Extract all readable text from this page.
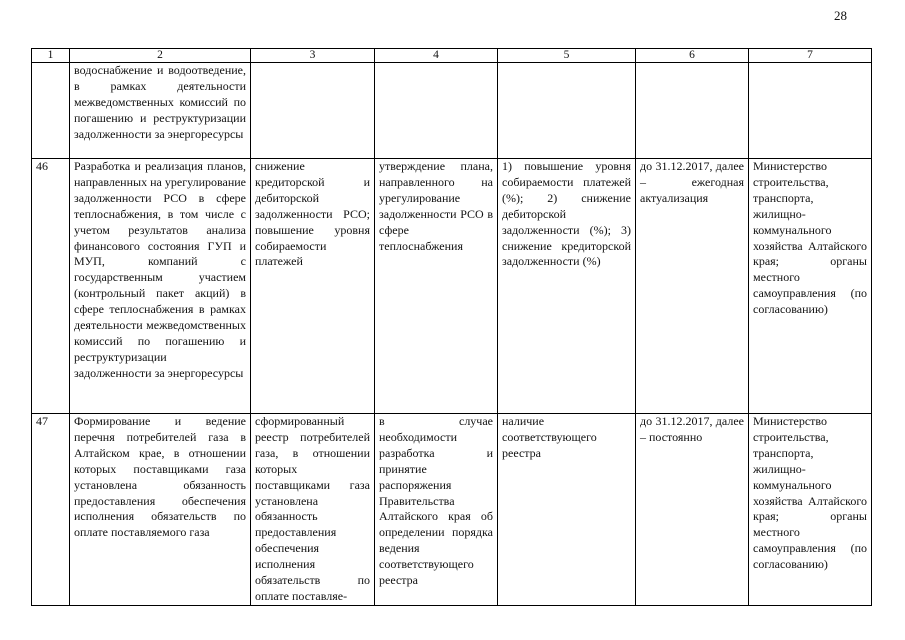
28
1	2	3	4	5	6	7

	водоснабжение и водоотведение, в рамках деятельности межведомственных комиссий по погашению и реструктуризации задолженности за энергоресурсы					

46	Разработка и реализация планов, направленных на урегулирование задолженности РСО в сфере теплоснабжения, в том числе с учетом результатов анализа финансового состояния ГУП и МУП, компаний с государственным участием (контрольный пакет акций) в сфере теплоснабжения в рамках деятельности межведомственных комиссий по погашению и реструктуризации задолженности за энергоресурсы	снижение кредиторской и дебиторской задолженности РСО; повышение уровня собираемости платежей	утверждение плана, направленного на урегулирование задолженности РСО в сфере теплоснабжения	1) повышение уровня собираемости платежей (%); 2) снижение дебиторской задолженности (%); 3) снижение кредиторской задолженности (%)	до 31.12.2017, далее – ежегодная актуализация	Министерство строительства, транспорта, жилищно-коммунального хозяйства Алтайского края; органы местного самоуправления (по согласованию)

47	Формирование и ведение перечня потребителей газа в Алтайском крае, в отношении которых поставщиками газа установлена обязанность предоставления обеспечения исполнения обязательств по оплате поставляемого газа	сформированный реестр потребителей газа, в отношении которых поставщиками газа установлена обязанность предоставления обеспечения исполнения обязательств по оплате поставляе-	в случае необходимости разработка и принятие распоряжения Правительства Алтайского края об определении порядка ведения соответствующего реестра	наличие соответствующего реестра	до 31.12.2017, далее – постоянно	Министерство строительства, транспорта, жилищно-коммунального хозяйства Алтайского края; органы местного самоуправления (по согласованию)
